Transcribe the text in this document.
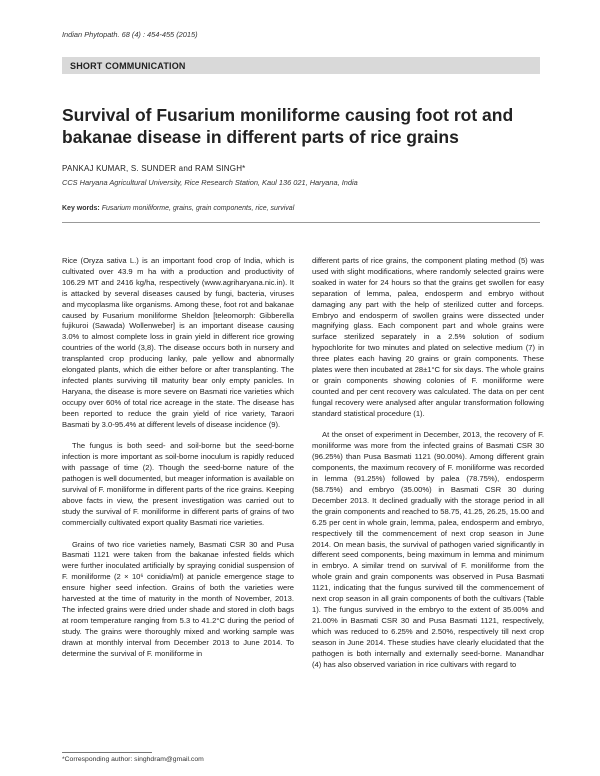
Indian Phytopath. 68 (4) : 454-455 (2015)
SHORT COMMUNICATION
Survival of Fusarium moniliforme causing foot rot and bakanae disease in different parts of rice grains
PANKAJ KUMAR, S. SUNDER and RAM SINGH*
CCS Haryana Agricultural University, Rice Research Station, Kaul 136 021, Haryana, India
Key words: Fusarium moniliforme, grains, grain components, rice, survival

Rice (Oryza sativa L.) is an important food crop of India, which is cultivated over 43.9 m ha with a production and productivity of 106.29 MT and 2416 kg/ha, respectively (www.agriharyana.nic.in). It is attacked by several diseases caused by fungi, bacteria, viruses and mycoplasma like organisms. Among these, foot rot and bakanae caused by Fusarium moniliforme Sheldon [teleomorph: Gibberella fujikuroi (Sawada) Wollenweber] is an important disease causing 3.0% to almost complete loss in grain yield in different rice growing countries of the world (3,8). The disease occurs both in nursery and transplanted crop producing lanky, pale yellow and abnormally elongated plants, which die either before or after transplanting. The infected plants surviving till maturity bear only empty panicles. In Haryana, the disease is more severe on Basmati rice varieties which occupy over 60% of total rice acreage in the state. The disease has been reported to reduce the grain yield of rice variety, Taraori Basmati by 3.0-95.4% at different levels of disease incidence (9).

The fungus is both seed- and soil-borne but the seed-borne infection is more important as soil-borne inoculum is rapidly reduced with passage of time (2). Though the seed-borne nature of the pathogen is well documented, but meager information is available on survival of F. moniliforme in different parts of the rice grains. Keeping above facts in view, the present investigation was carried out to study the survival of F. moniliforme in different parts of grains of two commercially cultivated export quality Basmati rice varieties.

Grains of two rice varieties namely, Basmati CSR 30 and Pusa Basmati 1121 were taken from the bakanae infested fields which were further inoculated artificially by spraying conidial suspension of F. moniliforme (2 × 10⁶ conidia/ml) at panicle emergence stage to ensure higher seed infection. Grains of both the varieties were harvested at the time of maturity in the month of November, 2013. The infected grains were dried under shade and stored in cloth bags at room temperature ranging from 5.3 to 41.2°C during the period of study. The grains were thoroughly mixed and working sample was drawn at monthly interval from December 2013 to June 2014. To determine the survival of F. moniliforme in

different parts of rice grains, the component plating method (5) was used with slight modifications, where randomly selected grains were soaked in water for 24 hours so that the grains get swollen for easy separation of lemma, palea, endosperm and embryo without damaging any part with the help of sterilized cutter and forceps. Embryo and endosperm of swollen grains were dissected under magnifying glass. Each component part and whole grains were surface sterilized separately in a 2.5% solution of sodium hypochlorite for two minutes and plated on selective medium (7) in three plates each having 20 grains or grain components. These plates were then incubated at 28±1°C for six days. The whole grains or grain components showing colonies of F. moniliforme were counted and per cent recovery was calculated. The data on per cent fungal recovery were analysed after angular transformation following standard statistical procedure (1).

At the onset of experiment in December, 2013, the recovery of F. moniliforme was more from the infected grains of Basmati CSR 30 (96.25%) than Pusa Basmati 1121 (90.00%). Among different grain components, the maximum recovery of F. moniliforme was recorded in lemma (91.25%) followed by palea (78.75%), endosperm (58.75%) and embryo (35.00%) in Basmati CSR 30 during December 2013. It declined gradually with the storage period in all the grain components and reached to 58.75, 41.25, 26.25, 15.00 and 6.25 per cent in whole grain, lemma, palea, endosperm and embryo, respectively till the commencement of next crop season in June 2014. On mean basis, the survival of pathogen varied significantly in different seed components, being maximum in lemma and minimum in embryo. A similar trend on survival of F. moniliforme from the whole grain and grain components was observed in Pusa Basmati 1121, indicating that the fungus survived till the commencement of next crop season in all grain components of both the cultivars (Table 1). The fungus survived in the embryo to the extent of 35.00% and 21.00% in Basmati CSR 30 and Pusa Basmati 1121, respectively, which was reduced to 6.25% and 2.50%, respectively till next crop season in June 2014. These studies have clearly elucidated that the pathogen is both internally and externally seed-borne. Manandhar (4) has also observed variation in rice cultivars with regard to

*Corresponding author: singhdram@gmail.com
